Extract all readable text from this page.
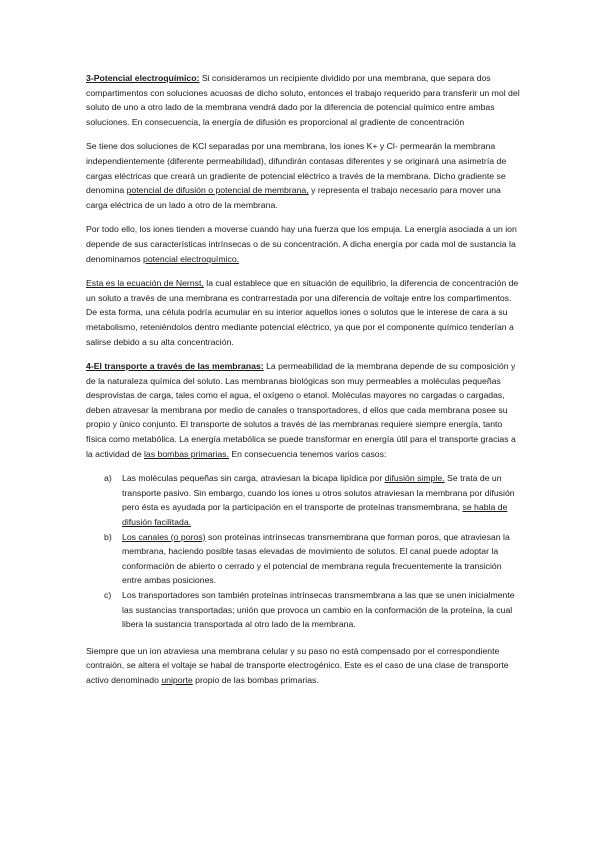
3-Potencial electroquímico: Si consideramos un recipiente dividido por una membrana, que separa dos compartimentos con soluciones acuosas de dicho soluto, entonces el trabajo requerido para transferir un mol del soluto de uno a otro lado de la membrana vendrá dado por la diferencia de potencial químico entre ambas soluciones. En consecuencia, la energía de difusión es proporcional al gradiente de concentración

Se tiene dos soluciones de KCl separadas por una membrana, los iones K+ y Cl- permearán la membrana independientemente (diferente permeabilidad), difundirán contasas diferentes y se originará una asimetría de cargas eléctricas que creará un gradiente de potencial eléctrico a través de la membrana. Dicho gradiente se denomina potencial de difusión o potencial de membrana, y representa el trabajo necesario para mover una carga eléctrica de un lado a otro de la membrana.

Por todo ello, los iones tienden a moverse cuando hay una fuerza que los empuja. La energía asociada a un ion depende de sus características intrínsecas o de su concentración. A dicha energía por cada mol de sustancia la denominamos potencial electroquímico.

Esta es la ecuación de Nernst, la cual establece que en situación de equilibrio, la diferencia de concentración de un soluto a través de una membrana es contrarrestada por una diferencia de voltaje entre los compartimentos. De esta forma, una célula podría acumular en su interior aquellos iones o solutos que le interese de cara a su metabolismo, reteniéndolos dentro mediante potencial eléctrico, ya que por el componente químico tenderían a salirse debido a su alta concentración.

4-El transporte a través de las membranas: La permeabilidad de la membrana depende de su composición y de la naturaleza química del soluto. Las membranas biológicas son muy permeables a moléculas pequeñas desprovistas de carga, tales como el agua, el oxígeno o etanol. Moléculas mayores no cargadas o cargadas, deben atravesar la membrana por medio de canales o transportadores, d ellos que cada membrana posee su propio y único conjunto. El transporte de solutos a través de las membranas requiere siempre energía, tanto física como metabólica. La energía metabólica se puede transformar en energía útil para el transporte gracias a la actividad de las bombas primarias. En consecuencia tenemos varios casos:

a) Las moléculas pequeñas sin carga, atraviesan la bicapa lipídica por difusión simple. Se trata de un transporte pasivo. Sin embargo, cuando los iones u otros solutos atraviesan la membrana por difusión pero ésta es ayudada por la participación en el transporte de proteínas transmembrana, se habla de difusión facilitada.
b) Los canales (o poros) son proteínas intrínsecas transmembrana que forman poros, que atraviesan la membrana, haciendo posible tasas elevadas de movimiento de solutos. El canal puede adoptar la conformación de abierto o cerrado y el potencial de membrana regula frecuentemente la transición entre ambas posiciones.
c) Los transportadores son también proteínas intrínsecas transmembrana a las que se unen inicialmente las sustancias transportadas; unión que provoca un cambio en la conformación de la proteína, la cual libera la sustancia transportada al otro lado de la membrana.

Siempre que un ion atraviesa una membrana celular y su paso no está compensado por el correspondiente contraión, se altera el voltaje se habal de transporte electrogénico. Este es el caso de una clase de transporte activo denominado uniporte propio de las bombas primarias.
